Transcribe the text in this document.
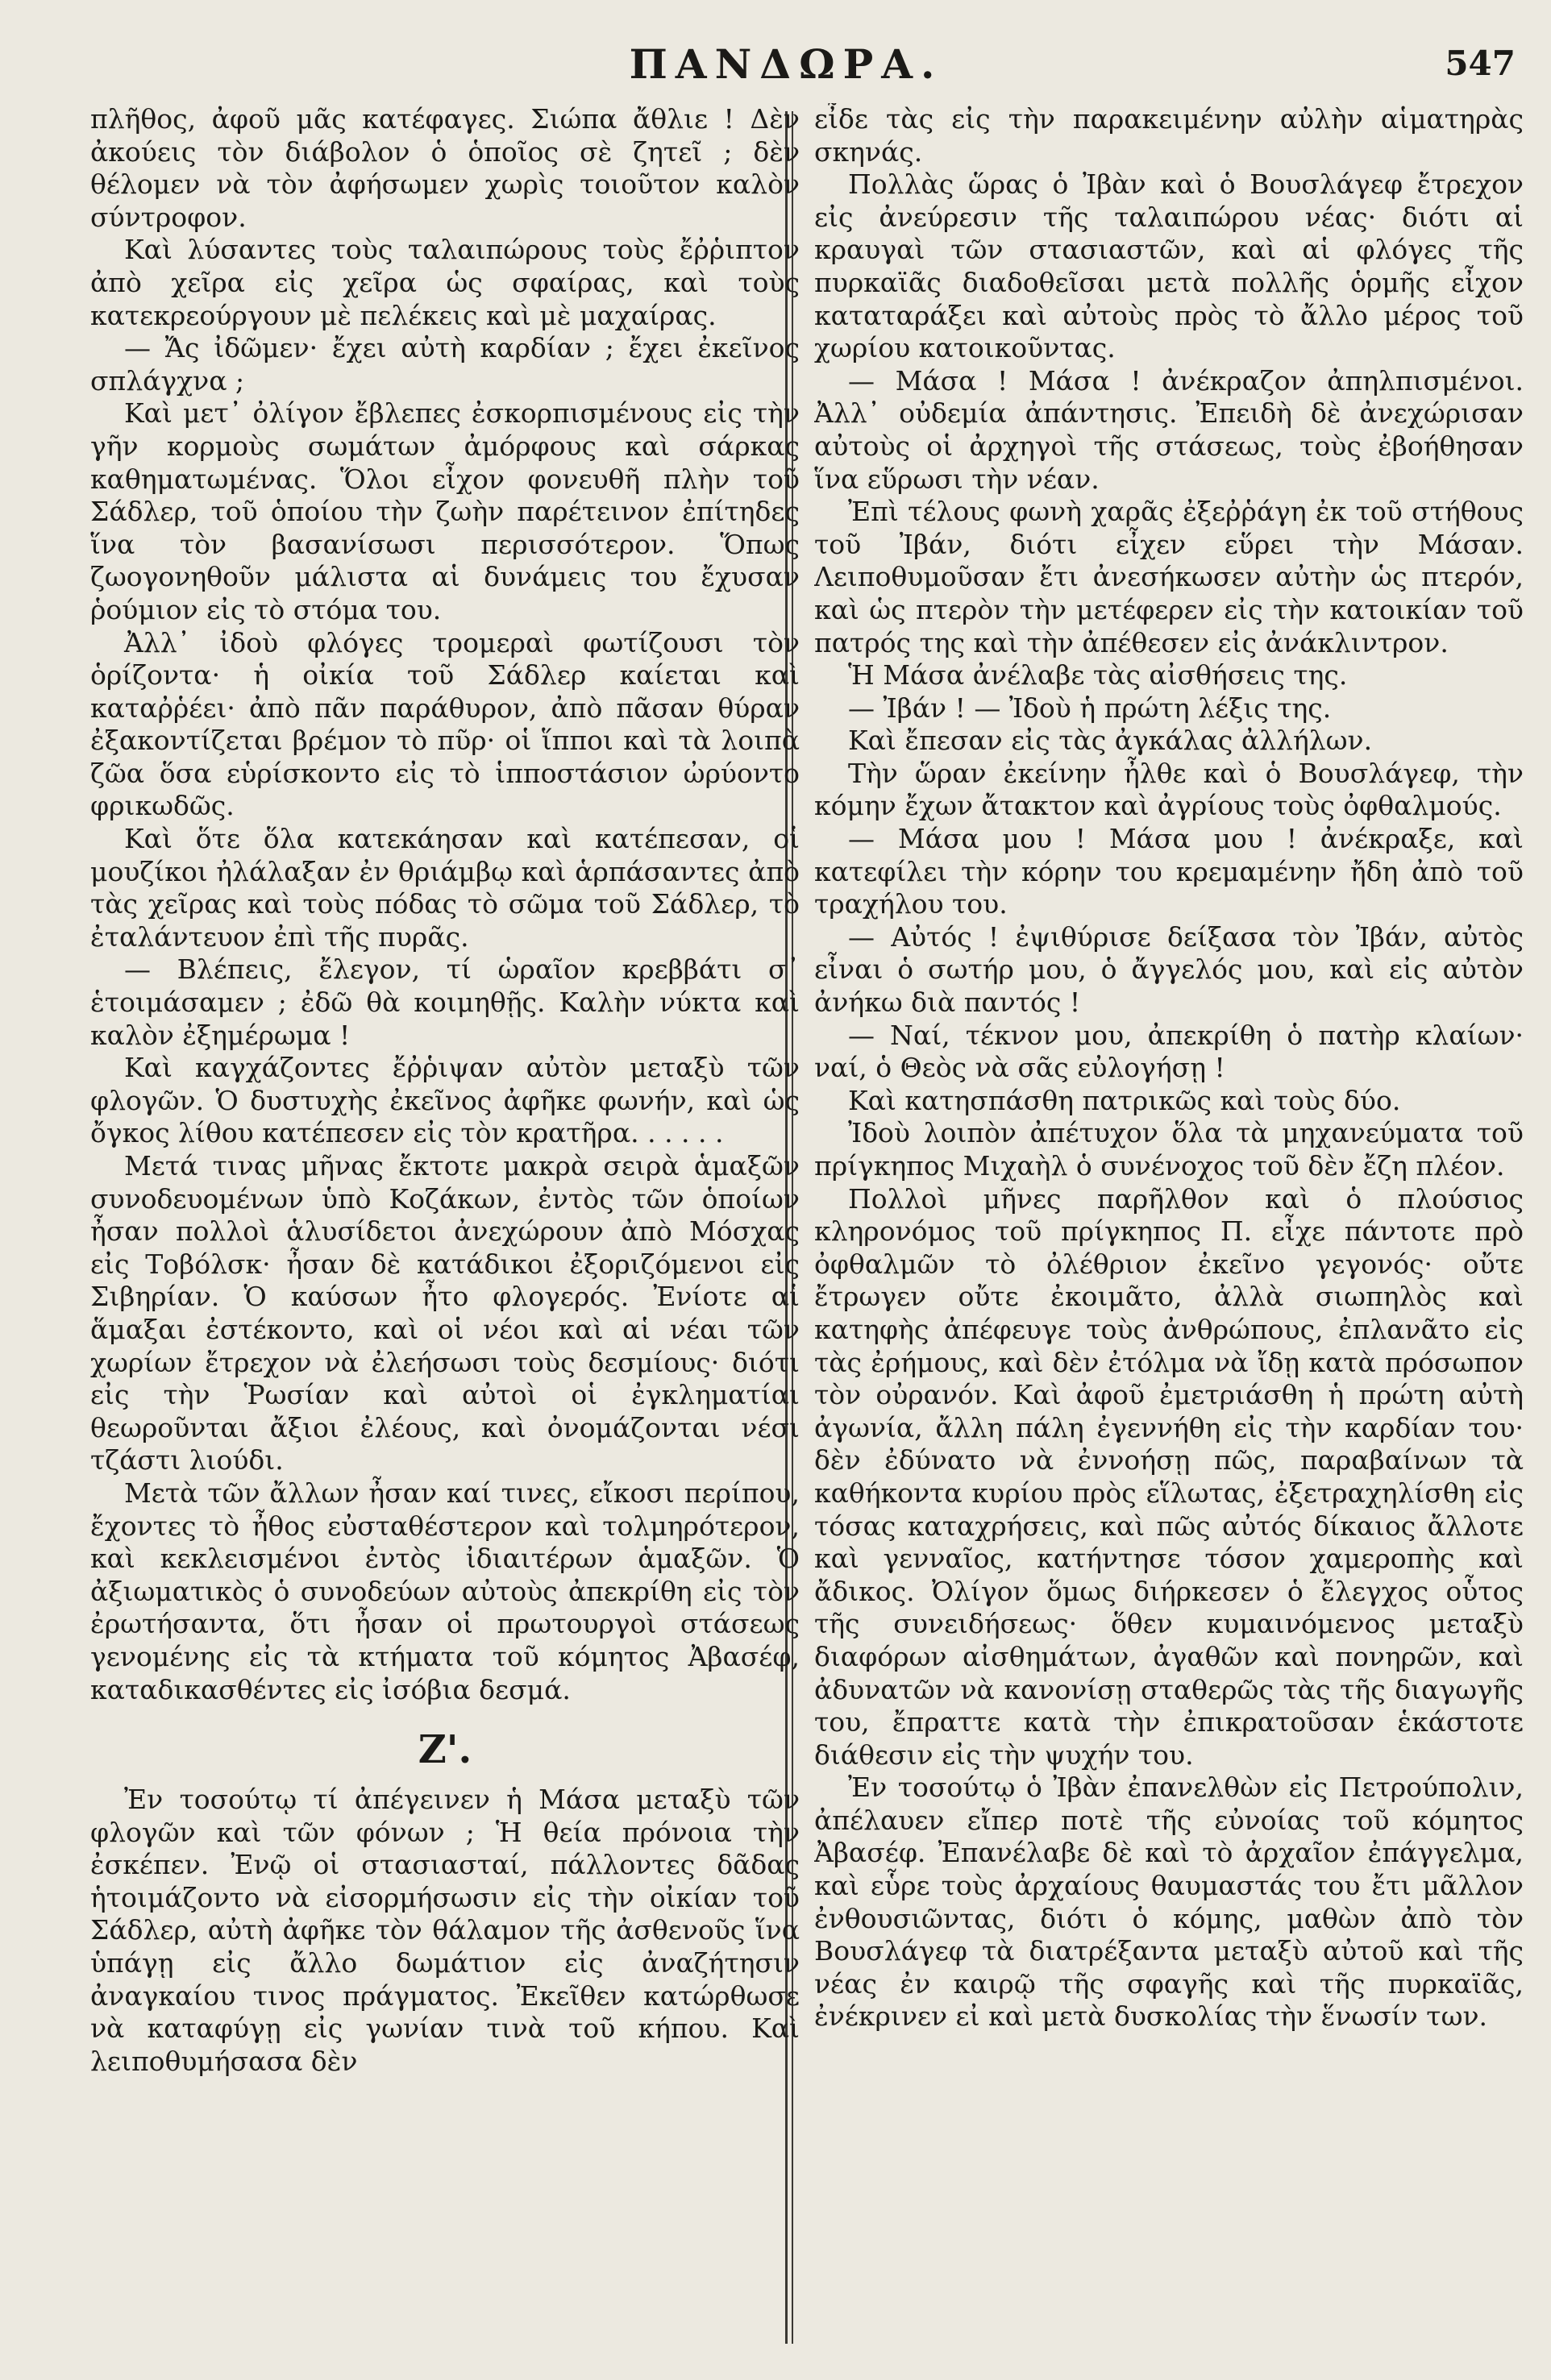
ΠΑΝΔΩΡΑ.	547

πλῆθος, ἀφοῦ μᾶς κατέφαγες. Σιώπα ἄθλιε ! Δὲν ἀκούεις τὸν διάβολον ὁ ὁποῖος σὲ ζητεῖ ; δὲν θέλομεν νὰ τὸν ἀφήσωμεν χωρὶς τοιοῦτον καλὸν σύντροφον.

Καὶ λύσαντες τοὺς ταλαιπώρους τοὺς ἔῤῥιπτον ἀπὸ χεῖρα εἰς χεῖρα ὡς σφαίρας, καὶ τοὺς κατεκρεούργουν μὲ πελέκεις καὶ μὲ μαχαίρας.

— Ἄς ἰδῶμεν· ἔχει αὐτὴ καρδίαν ; ἔχει ἐκεῖνος σπλάγχνα ;

Καὶ μετ᾽ ὀλίγον ἔβλεπες ἐσκορπισμένους εἰς τὴν γῆν κορμοὺς σωμάτων ἀμόρφους καὶ σάρκας καθηματωμένας. Ὅλοι εἶχον φονευθῆ πλὴν τοῦ Σάδλερ, τοῦ ὁποίου τὴν ζωὴν παρέτεινον ἐπίτηδες ἵνα τὸν βασανίσωσι περισσότερον. Ὅπως ζωογονηθοῦν μάλιστα αἱ δυνάμεις του ἔχυσαν ῥούμιον εἰς τὸ στόμα του.

Ἀλλ᾽ ἰδοὺ φλόγες τρομεραὶ φωτίζουσι τὸν ὁρίζοντα· ἡ οἰκία τοῦ Σάδλερ καίεται καὶ καταῤῥέει· ἀπὸ πᾶν παράθυρον, ἀπὸ πᾶσαν θύραν ἐξακοντίζεται βρέμον τὸ πῦρ· οἱ ἵπποι καὶ τὰ λοιπὰ ζῶα ὅσα εὑρίσκοντο εἰς τὸ ἱπποστάσιον ὠρύοντο φρικωδῶς.

Καὶ ὅτε ὅλα κατεκάησαν καὶ κατέπεσαν, οἱ μουζίκοι ἠλάλαξαν ἐν θριάμβῳ καὶ ἁρπάσαντες ἀπὸ τὰς χεῖρας καὶ τοὺς πόδας τὸ σῶμα τοῦ Σάδλερ, τὸ ἐταλάντευον ἐπὶ τῆς πυρᾶς.

— Βλέπεις, ἔλεγον, τί ὡραῖον κρεββάτι σ᾽ ἑτοιμάσαμεν ; ἐδῶ θὰ κοιμηθῇς. Καλὴν νύκτα καὶ καλὸν ἐξημέρωμα !

Καὶ καγχάζοντες ἔῤῥιψαν αὐτὸν μεταξὺ τῶν φλογῶν. Ὁ δυστυχὴς ἐκεῖνος ἀφῆκε φωνήν, καὶ ὡς ὄγκος λίθου κατέπεσεν εἰς τὸν κρατῆρα. . . . . .

Μετά τινας μῆνας ἔκτοτε μακρὰ σειρὰ ἁμαξῶν συνοδευομένων ὑπὸ Κοζάκων, ἐντὸς τῶν ὁποίων ἦσαν πολλοὶ ἁλυσίδετοι ἀνεχώρουν ἀπὸ Μόσχας εἰς Τοβόλσκ· ἦσαν δὲ κατάδικοι ἐξοριζόμενοι εἰς Σιβηρίαν. Ὁ καύσων ἦτο φλογερός. Ἐνίοτε αἱ ἅμαξαι ἐστέκοντο, καὶ οἱ νέοι καὶ αἱ νέαι τῶν χωρίων ἔτρεχον νὰ ἐλεήσωσι τοὺς δεσμίους· διότι εἰς τὴν Ῥωσίαν καὶ αὐτοὶ οἱ ἐγκληματίαι θεωροῦνται ἄξιοι ἐλέους, καὶ ὀνομάζονται νέσι τζάστι λιούδι.

Μετὰ τῶν ἄλλων ἦσαν καί τινες, εἴκοσι περίπου, ἔχοντες τὸ ἦθος εὐσταθέστερον καὶ τολμηρότερον, καὶ κεκλεισμένοι ἐντὸς ἰδιαιτέρων ἁμαξῶν. Ὁ ἀξιωματικὸς ὁ συνοδεύων αὐτοὺς ἀπεκρίθη εἰς τὸν ἐρωτήσαντα, ὅτι ἦσαν οἱ πρωτουργοὶ στάσεως γενομένης εἰς τὰ κτήματα τοῦ κόμητος Ἀβασέφ, καταδικασθέντες εἰς ἰσόβια δεσμά.

Ζ'.

Ἐν τοσούτῳ τί ἀπέγεινεν ἡ Μάσα μεταξὺ τῶν φλογῶν καὶ τῶν φόνων ; Ἡ θεία πρόνοια τὴν ἐσκέπεν. Ἐνῷ οἱ στασιασταί, πάλλοντες δᾶδας ἡτοιμάζοντο νὰ εἰσορμήσωσιν εἰς τὴν οἰκίαν τοῦ Σάδλερ, αὐτὴ ἀφῆκε τὸν θάλαμον τῆς ἀσθενοῦς ἵνα ὑπάγῃ εἰς ἄλλο δωμάτιον εἰς ἀναζήτησιν ἀναγκαίου τινος πράγματος. Ἐκεῖθεν κατώρθωσε νὰ καταφύγῃ εἰς γωνίαν τινὰ τοῦ κήπου. Καὶ λειποθυμήσασα δὲν

εἶδε τὰς εἰς τὴν παρακειμένην αὐλὴν αἱματηρὰς σκηνάς.

Πολλὰς ὥρας ὁ Ἰβὰν καὶ ὁ Βουσλάγεφ ἔτρεχον εἰς ἀνεύρεσιν τῆς ταλαιπώρου νέας· διότι αἱ κραυγαὶ τῶν στασιαστῶν, καὶ αἱ φλόγες τῆς πυρκαϊᾶς διαδοθεῖσαι μετὰ πολλῆς ὁρμῆς εἶχον καταταράξει καὶ αὐτοὺς πρὸς τὸ ἄλλο μέρος τοῦ χωρίου κατοικοῦντας.

— Μάσα ! Μάσα ! ἀνέκραζον ἀπηλπισμένοι. Ἀλλ᾽ οὐδεμία ἀπάντησις. Ἐπειδὴ δὲ ἀνεχώρισαν αὐτοὺς οἱ ἀρχηγοὶ τῆς στάσεως, τοὺς ἐβοήθησαν ἵνα εὕρωσι τὴν νέαν.

Ἐπὶ τέλους φωνὴ χαρᾶς ἐξεῤῥάγη ἐκ τοῦ στήθους τοῦ Ἰβάν, διότι εἶχεν εὕρει τὴν Μάσαν. Λειποθυμοῦσαν ἔτι ἀνεσήκωσεν αὐτὴν ὡς πτερόν, καὶ ὡς πτερὸν τὴν μετέφερεν εἰς τὴν κατοικίαν τοῦ πατρός της καὶ τὴν ἀπέθεσεν εἰς ἀνάκλιντρον.

Ἡ Μάσα ἀνέλαβε τὰς αἰσθήσεις της.

— Ἰβάν ! — Ἰδοὺ ἡ πρώτη λέξις της.

Καὶ ἔπεσαν εἰς τὰς ἀγκάλας ἀλλήλων.

Τὴν ὥραν ἐκείνην ἦλθε καὶ ὁ Βουσλάγεφ, τὴν κόμην ἔχων ἄτακτον καὶ ἀγρίους τοὺς ὀφθαλμούς.

— Μάσα μου ! Μάσα μου ! ἀνέκραξε, καὶ κατεφίλει τὴν κόρην του κρεμαμένην ἤδη ἀπὸ τοῦ τραχήλου του.

— Αὐτός ! ἐψιθύρισε δείξασα τὸν Ἰβάν, αὐτὸς εἶναι ὁ σωτήρ μου, ὁ ἄγγελός μου, καὶ εἰς αὐτὸν ἀνήκω διὰ παντός !

— Ναί, τέκνον μου, ἀπεκρίθη ὁ πατὴρ κλαίων· ναί, ὁ Θεὸς νὰ σᾶς εὐλογήσῃ !

Καὶ κατησπάσθη πατρικῶς καὶ τοὺς δύο.

Ἰδοὺ λοιπὸν ἀπέτυχον ὅλα τὰ μηχανεύματα τοῦ πρίγκηπος Μιχαὴλ ὁ συνένοχος τοῦ δὲν ἔζη πλέον.

Πολλοὶ μῆνες παρῆλθον καὶ ὁ πλούσιος κληρονόμος τοῦ πρίγκηπος Π. εἶχε πάντοτε πρὸ ὀφθαλμῶν τὸ ὀλέθριον ἐκεῖνο γεγονός· οὔτε ἔτρωγεν οὔτε ἐκοιμᾶτο, ἀλλὰ σιωπηλὸς καὶ κατηφὴς ἀπέφευγε τοὺς ἀνθρώπους, ἐπλανᾶτο εἰς τὰς ἐρήμους, καὶ δὲν ἐτόλμα νὰ ἴδῃ κατὰ πρόσωπον τὸν οὐρανόν. Καὶ ἀφοῦ ἐμετριάσθη ἡ πρώτη αὐτὴ ἀγωνία, ἄλλη πάλη ἐγεννήθη εἰς τὴν καρδίαν του· δὲν ἐδύνατο νὰ ἐννοήσῃ πῶς, παραβαίνων τὰ καθήκοντα κυρίου πρὸς εἵλωτας, ἐξετραχηλίσθη εἰς τόσας καταχρήσεις, καὶ πῶς αὐτός δίκαιος ἄλλοτε καὶ γενναῖος, κατήντησε τόσον χαμεροπὴς καὶ ἄδικος. Ὀλίγον ὅμως διήρκεσεν ὁ ἔλεγχος οὗτος τῆς συνειδήσεως· ὅθεν κυμαινόμενος μεταξὺ διαφόρων αἰσθημάτων, ἀγαθῶν καὶ πονηρῶν, καὶ ἀδυνατῶν νὰ κανονίσῃ σταθερῶς τὰς τῆς διαγωγῆς του, ἔπραττε κατὰ τὴν ἐπικρατοῦσαν ἑκάστοτε διάθεσιν εἰς τὴν ψυχήν του.

Ἐν τοσούτῳ ὁ Ἰβὰν ἐπανελθὼν εἰς Πετρούπολιν, ἀπέλαυεν εἴπερ ποτὲ τῆς εὐνοίας τοῦ κόμητος Ἀβασέφ. Ἐπανέλαβε δὲ καὶ τὸ ἀρχαῖον ἐπάγγελμα, καὶ εὗρε τοὺς ἀρχαίους θαυμαστάς του ἔτι μᾶλλον ἐνθουσιῶντας, διότι ὁ κόμης, μαθὼν ἀπὸ τὸν Βουσλάγεφ τὰ διατρέξαντα μεταξὺ αὐτοῦ καὶ τῆς νέας ἐν καιρῷ τῆς σφαγῆς καὶ τῆς πυρκαϊᾶς, ἐνέκρινεν εἰ καὶ μετὰ δυσκολίας τὴν ἕνωσίν των.
